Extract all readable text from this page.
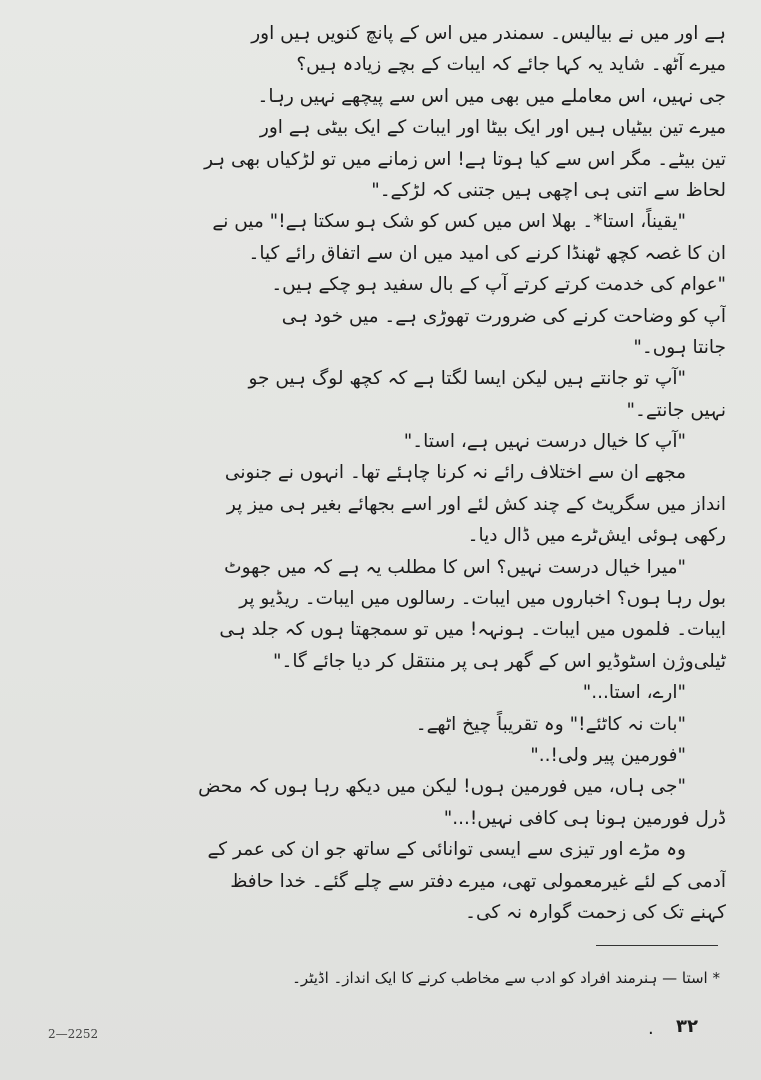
ہے اور میں نے بیالیس۔ سمندر میں اس کے پانچ کنویں ہیں اور
میرے آٹھ۔ شاید یہ کہا جائے کہ ایبات کے بچے زیادہ ہیں؟
جی نہیں، اس معاملے میں بھی میں اس سے پیچھے نہیں رہا۔
میرے تین بیٹیاں ہیں اور ایک بیٹا اور ایبات کے ایک بیٹی ہے اور
تین بیٹے۔ مگر اس سے کیا ہوتا ہے! اس زمانے میں تو لڑکیاں بھی ہر
لحاظ سے اتنی ہی اچھی ہیں جتنی کہ لڑکے۔"
"یقیناً، استا*۔ بھلا اس میں کس کو شک ہو سکتا ہے!" میں نے
ان کا غصہ کچھ ٹھنڈا کرنے کی امید میں ان سے اتفاق رائے کیا۔
"عوام کی خدمت کرتے کرتے آپ کے بال سفید ہو چکے ہیں۔
آپ کو وضاحت کرنے کی ضرورت تھوڑی ہے۔ میں خود ہی
جانتا ہوں۔"
"آپ تو جانتے ہیں لیکن ایسا لگتا ہے کہ کچھ لوگ ہیں جو
نہیں جانتے۔"
"آپ کا خیال درست نہیں ہے، استا۔"
مجھے ان سے اختلاف رائے نہ کرنا چاہئے تھا۔ انہوں نے جنونی
انداز میں سگریٹ کے چند کش لئے اور اسے بجھائے بغیر ہی میز پر
رکھی ہوئی ایش‌ٹرے میں ڈال دیا۔
"میرا خیال درست نہیں؟ اس کا مطلب یہ ہے کہ میں جھوٹ
بول رہا ہوں؟ اخباروں میں ایبات۔ رسالوں میں ایبات۔ ریڈیو پر
ایبات۔ فلموں میں ایبات۔ ہونہہ! میں تو سمجھتا ہوں کہ جلد ہی
ٹیلی‌وژن اسٹوڈیو اس کے گھر ہی پر منتقل کر دیا جائے گا۔"
"ارے، استا..."
"بات نہ کاٹئے!" وہ تقریباً چیخ اٹھے۔
"فورمین پیر ولی!.."
"جی ہاں، میں فورمین ہوں! لیکن میں دیکھ رہا ہوں کہ محض
ڈرل فورمین ہونا ہی کافی نہیں!..."
وہ مڑے اور تیزی سے ایسی توانائی کے ساتھ جو ان کی عمر کے
آدمی کے لئے غیرمعمولی تھی، میرے دفتر سے چلے گئے۔ خدا حافظ
کہنے تک کی زحمت گوارہ نہ کی۔
* استا — ہنرمند افراد کو ادب سے مخاطب کرنے کا ایک انداز۔ اڈیٹر۔
. ۳۲
2—2252
